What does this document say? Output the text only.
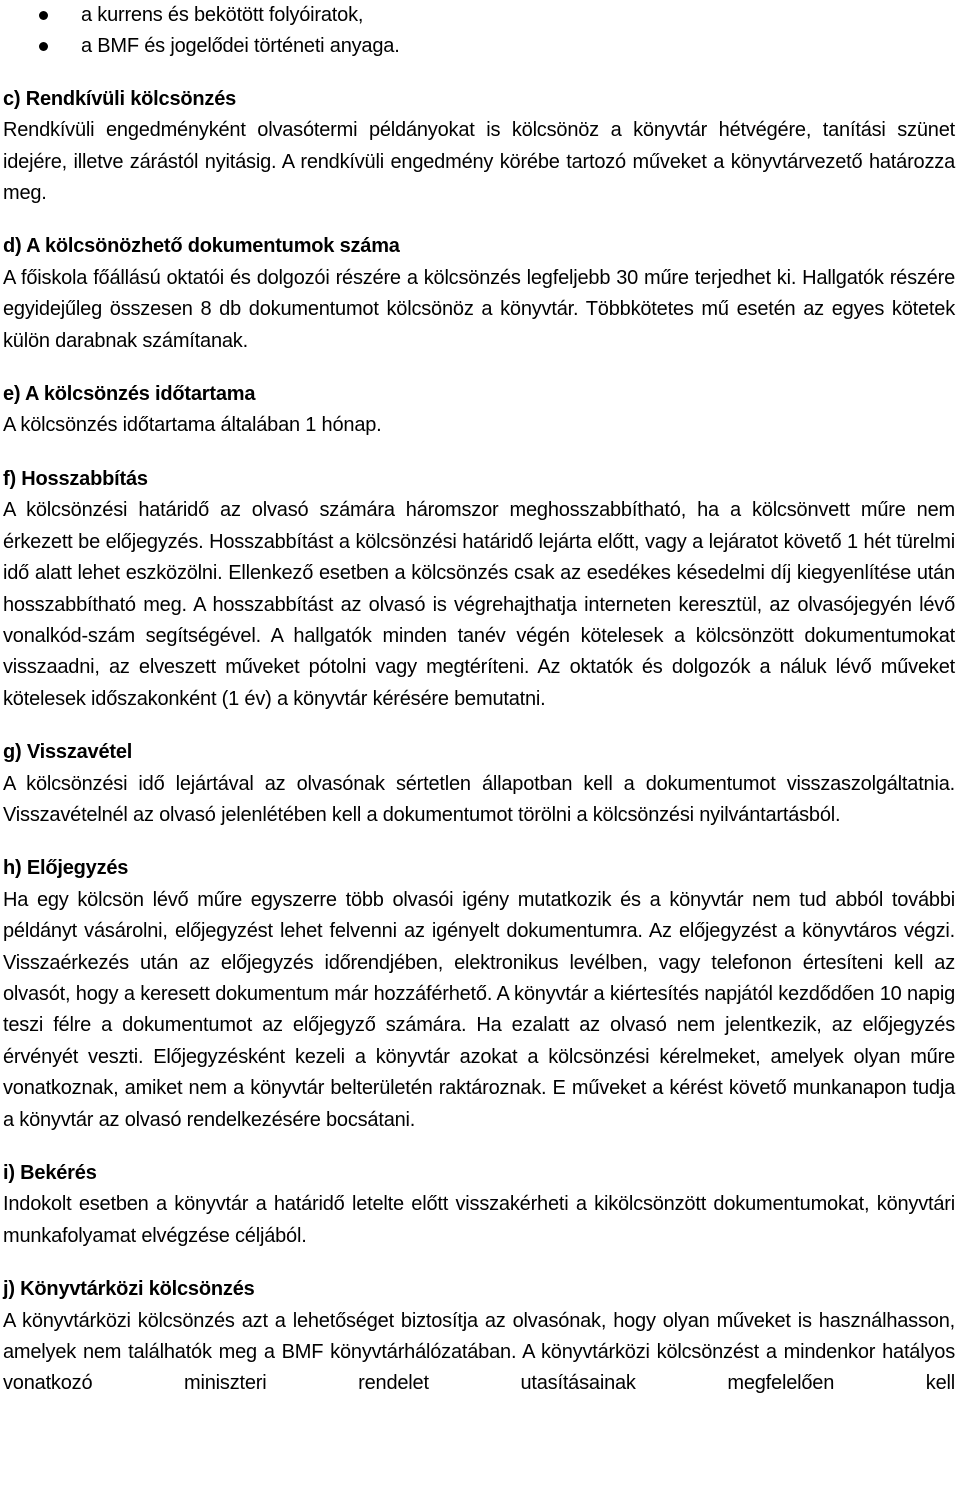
a kurrens és bekötött folyóiratok,
a BMF és jogelődei történeti anyaga.

c) Rendkívüli kölcsönzés

Rendkívüli engedményként olvasótermi példányokat is kölcsönöz a könyvtár hétvégére, tanítási szünet idejére, illetve zárástól nyitásig. A rendkívüli engedmény körébe tartozó műveket a könyvtárvezető határozza meg.

d) A kölcsönözhető dokumentumok száma

A főiskola főállású oktatói és dolgozói részére a kölcsönzés legfeljebb 30 műre terjedhet ki. Hallgatók részére egyidejűleg összesen 8 db dokumentumot kölcsönöz a könyvtár. Többkötetes mű esetén az egyes kötetek külön darabnak számítanak.

e) A kölcsönzés időtartama

A kölcsönzés időtartama általában 1 hónap.

f) Hosszabbítás

A kölcsönzési határidő az olvasó számára háromszor meghosszabbítható, ha a kölcsönvett műre nem érkezett be előjegyzés. Hosszabbítást a kölcsönzési határidő lejárta előtt, vagy a lejáratot követő 1 hét türelmi idő alatt lehet eszközölni. Ellenkező esetben a kölcsönzés csak az esedékes késedelmi díj kiegyenlítése után hosszabbítható meg. A hosszabbítást az olvasó is végrehajthatja interneten keresztül, az olvasójegyén lévő vonalkód-szám segítségével. A hallgatók minden tanév végén kötelesek a kölcsönzött dokumentumokat visszaadni, az elveszett műveket pótolni vagy megtéríteni. Az oktatók és dolgozók a náluk lévő műveket kötelesek időszakonként (1 év) a könyvtár kérésére bemutatni.

g) Visszavétel

A kölcsönzési idő lejártával az olvasónak sértetlen állapotban kell a dokumentumot visszaszolgáltatnia. Visszavételnél az olvasó jelenlétében kell a dokumentumot törölni a kölcsönzési nyilvántartásból.

h) Előjegyzés

Ha egy kölcsön lévő műre egyszerre több olvasói igény mutatkozik és a könyvtár nem tud abból további példányt vásárolni, előjegyzést lehet felvenni az igényelt dokumentumra. Az előjegyzést a könyvtáros végzi. Visszaérkezés után az előjegyzés időrendjében, elektronikus levélben, vagy telefonon értesíteni kell az olvasót, hogy a keresett dokumentum már hozzáférhető. A könyvtár a kiértesítés napjától kezdődően 10 napig teszi félre a dokumentumot az előjegyző számára. Ha ezalatt az olvasó nem jelentkezik, az előjegyzés érvényét veszti. Előjegyzésként kezeli a könyvtár azokat a kölcsönzési kérelmeket, amelyek olyan műre vonatkoznak, amiket nem a könyvtár belterületén raktároznak. E műveket a kérést követő munkanapon tudja a könyvtár az olvasó rendelkezésére bocsátani.

i) Bekérés

Indokolt esetben a könyvtár a határidő letelte előtt visszakérheti a kikölcsönzött dokumentumokat, könyvtári munkafolyamat elvégzése céljából.

j) Könyvtárközi kölcsönzés

A könyvtárközi kölcsönzés azt a lehetőséget biztosítja az olvasónak, hogy olyan műveket is használhasson, amelyek nem találhatók meg a BMF könyvtárhálózatában. A könyvtárközi kölcsönzést a mindenkor hatályos vonatkozó miniszteri rendelet utasításainak megfelelően kell
